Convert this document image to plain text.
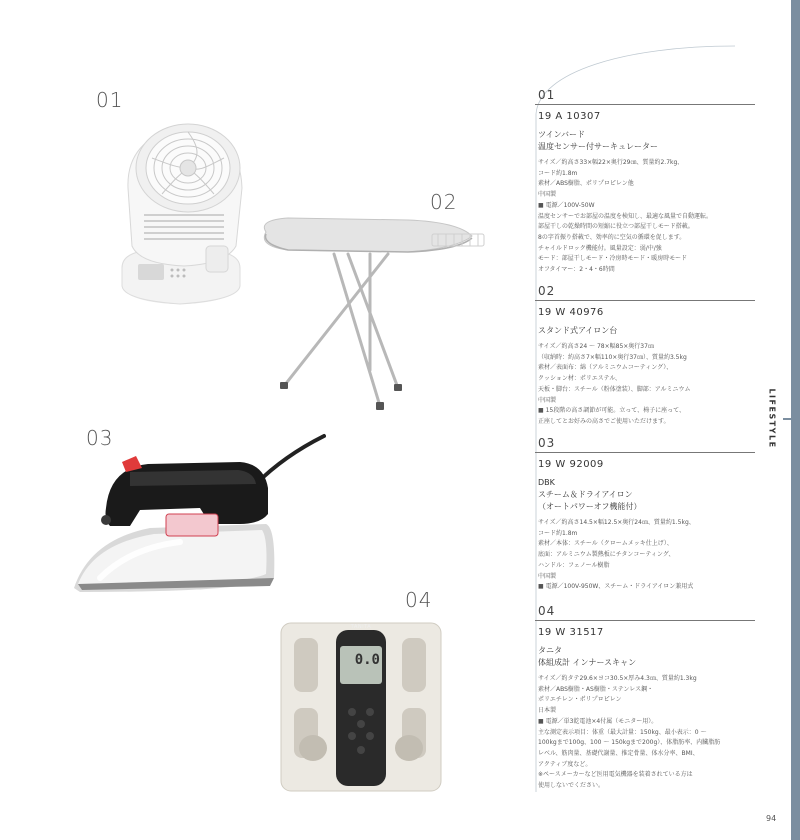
LIFESTYLE
01
02
03
04
TANITA
0.0
01
19 A 10307
ツインバード
温度センサー付サーキュレーター
サイズ／約高さ33×幅22×奥行29㎝、質量約2.7kg、
コード約1.8m
素材／ABS樹脂、ポリプロピレン他
中国製
■ 電源／100V-50W
温度センサーでお部屋の温度を検知し、最適な風量で自動運転。
部屋干しの乾燥時間の短縮に役立つ部屋干しモード搭載。
8の字首振り搭載で、効率的に空気の循環を促します。
チャイルドロック機能付。風量設定：弱/中/強
モード：部屋干しモード・冷房時モード・暖房時モード
オフタイマー：2・4・6時間
02
19 W 40976
スタンド式アイロン台
サイズ／約高さ24 〜 78×幅85×奥行37㎝
（収納時：約高さ7×幅110×奥行37㎝）、質量約3.5kg
素材／表面布：綿（アルミニウムコーティング）、
クッション材：ポリエステル、
天板・脚台：スチール（粉体塗装）、脚部：アルミニウム
中国製
■ 15段階の高さ調節が可能。立って、椅子に座って、
正座してとお好みの高さでご使用いただけます。
03
19 W 92009
DBK
スチーム＆ドライアイロン
（オートパワーオフ機能付）
サイズ／約高さ14.5×幅12.5×奥行24㎝、質量約1.5kg、
コード約1.8m
素材／本体：スチール（クロームメッキ仕上げ）、
底面：アルミニウム製熱板にチタンコーティング、
ハンドル：フェノール樹脂
中国製
■ 電源／100V-950W、スチーム・ドライアイロン兼用式
04
19 W 31517
タニタ
体組成計 インナースキャン
サイズ／約タテ29.6×ヨコ30.5×厚み4.3㎝、質量約1.3kg
素材／ABS樹脂・AS樹脂・ステンレス鋼・
ポリエチレン・ポリプロピレン
日本製
■ 電源／単3乾電池×4付属（モニター用）。
主な測定表示項目：体重（最大計量：150kg、最小表示：0 〜
100kgまで100g、100 〜 150kgまで200g）、体脂肪率、内臓脂肪
レベル、筋肉量、基礎代謝量、推定骨量、体水分率、BMI、
アクティブ度など。
※ペースメーカーなど医用電気機器を装着されている方は
使用しないでください。
94
